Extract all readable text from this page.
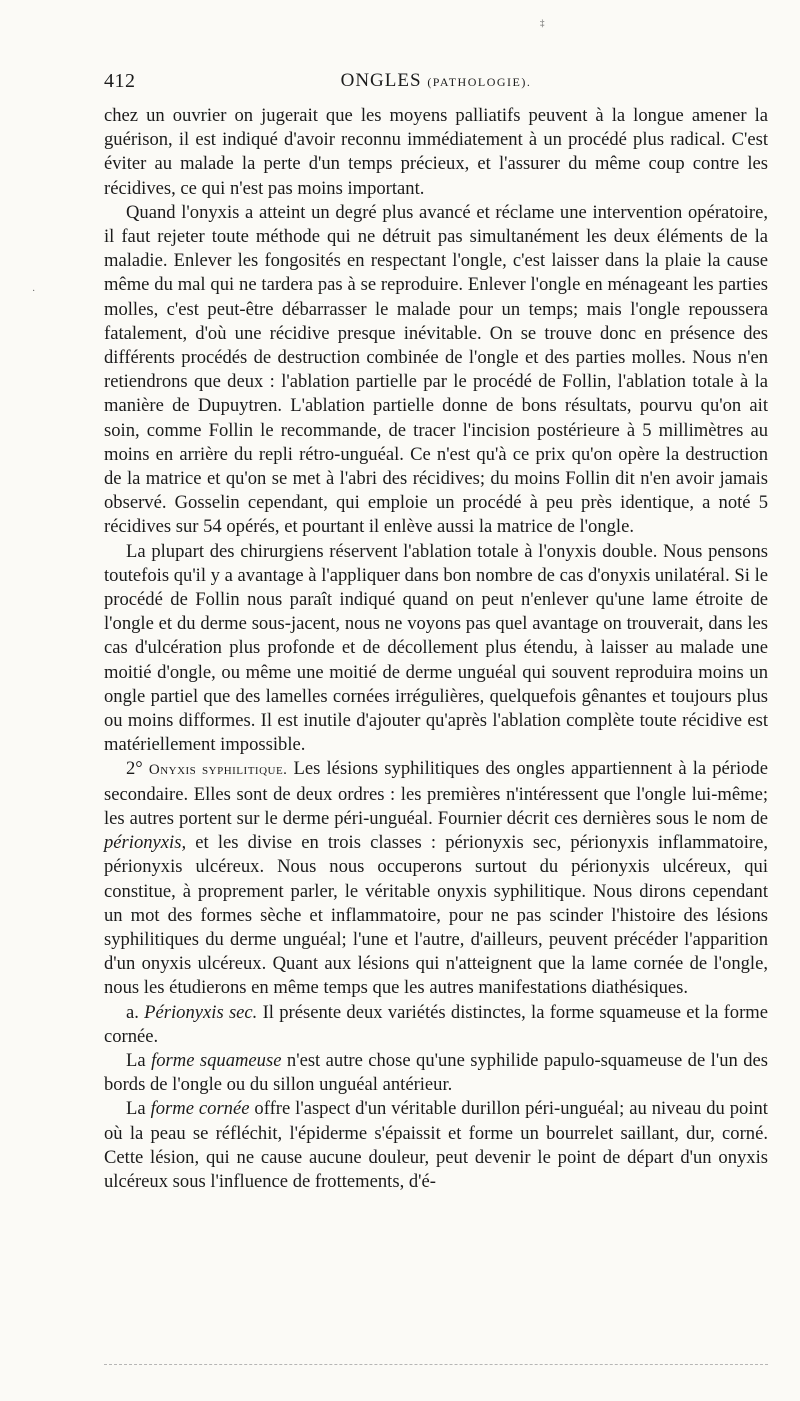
‡
·
412	ONGLES (PATHOLOGIE).

chez un ouvrier on jugerait que les moyens palliatifs peuvent à la longue amener la guérison, il est indiqué d'avoir reconnu immédiatement à un procédé plus radical. C'est éviter au malade la perte d'un temps précieux, et l'assurer du même coup contre les récidives, ce qui n'est pas moins important.

Quand l'onyxis a atteint un degré plus avancé et réclame une intervention opératoire, il faut rejeter toute méthode qui ne détruit pas simultanément les deux éléments de la maladie. Enlever les fongosités en respectant l'ongle, c'est laisser dans la plaie la cause même du mal qui ne tardera pas à se reproduire. Enlever l'ongle en ménageant les parties molles, c'est peut-être débarrasser le malade pour un temps; mais l'ongle repoussera fatalement, d'où une récidive presque inévitable. On se trouve donc en présence des différents procédés de destruction combinée de l'ongle et des parties molles. Nous n'en retiendrons que deux : l'ablation partielle par le procédé de Follin, l'ablation totale à la manière de Dupuytren. L'ablation partielle donne de bons résultats, pourvu qu'on ait soin, comme Follin le recommande, de tracer l'incision postérieure à 5 millimètres au moins en arrière du repli rétro-unguéal. Ce n'est qu'à ce prix qu'on opère la destruction de la matrice et qu'on se met à l'abri des récidives; du moins Follin dit n'en avoir jamais observé. Gosselin cependant, qui emploie un procédé à peu près identique, a noté 5 récidives sur 54 opérés, et pourtant il enlève aussi la matrice de l'ongle.

La plupart des chirurgiens réservent l'ablation totale à l'onyxis double. Nous pensons toutefois qu'il y a avantage à l'appliquer dans bon nombre de cas d'onyxis unilatéral. Si le procédé de Follin nous paraît indiqué quand on peut n'enlever qu'une lame étroite de l'ongle et du derme sous-jacent, nous ne voyons pas quel avantage on trouverait, dans les cas d'ulcération plus profonde et de décollement plus étendu, à laisser au malade une moitié d'ongle, ou même une moitié de derme unguéal qui souvent reproduira moins un ongle partiel que des lamelles cornées irrégulières, quelquefois gênantes et toujours plus ou moins difformes. Il est inutile d'ajouter qu'après l'ablation complète toute récidive est matériellement impossible.

2° Onyxis syphilitique. Les lésions syphilitiques des ongles appartiennent à la période secondaire. Elles sont de deux ordres : les premières n'intéressent que l'ongle lui-même; les autres portent sur le derme péri-unguéal. Fournier décrit ces dernières sous le nom de périonyxis, et les divise en trois classes : périonyxis sec, périonyxis inflammatoire, périonyxis ulcéreux. Nous nous occuperons surtout du périonyxis ulcéreux, qui constitue, à proprement parler, le véritable onyxis syphilitique. Nous dirons cependant un mot des formes sèche et inflammatoire, pour ne pas scinder l'histoire des lésions syphilitiques du derme unguéal; l'une et l'autre, d'ailleurs, peuvent précéder l'apparition d'un onyxis ulcéreux. Quant aux lésions qui n'atteignent que la lame cornée de l'ongle, nous les étudierons en même temps que les autres manifestations diathésiques.

a. Périonyxis sec. Il présente deux variétés distinctes, la forme squameuse et la forme cornée.

La forme squameuse n'est autre chose qu'une syphilide papulo-squameuse de l'un des bords de l'ongle ou du sillon unguéal antérieur.

La forme cornée offre l'aspect d'un véritable durillon péri-unguéal; au niveau du point où la peau se réfléchit, l'épiderme s'épaissit et forme un bourrelet saillant, dur, corné. Cette lésion, qui ne cause aucune douleur, peut devenir le point de départ d'un onyxis ulcéreux sous l'influence de frottements, d'é-
